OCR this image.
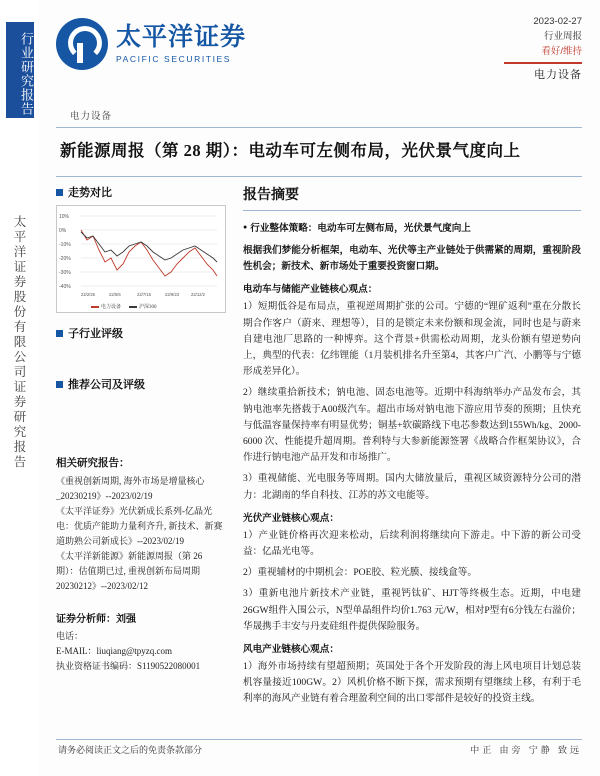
行业研究报告
太平洋证券股份有限公司证券研究报告
太平洋证券
PACIFIC SECURITIES
2023-02-27
行业周报
看好/维持
电力设备
电力设备
新能源周报（第 28 期）：电动车可左侧布局，光伏景气度向上
走势对比
10%
0%
-10%
-20%
-30%
-40%
22/2/25	22/5/6	22/7/15	22/9/23	22/12/2
电力设备	沪深300
子行业评级
推荐公司及评级
相关研究报告：
《重视创新周期, 海外市场是增量核心_20230219》--2023/02/19
《太平洋证券》光伏新成长系列-亿晶光电：优质产能助力量利齐升, 新技术、新赛道助熟公司新成长》--2023/02/19
《太平洋新能源》新能源周报（第 26 期）：估值期已过, 重视创新布局周期 20230212》--2023/02/12
证券分析师：刘强
电话：
E-MAIL：liuqiang@tpyzq.com
执业资格证书编码：S1190522080001
报告摘要
● 行业整体策略：电动车可左侧布局，光伏景气度向上

根据我们梦能分析框架，电动车、光伏等主产业链处于供需紧的周期，重视阶段性机会；新技术、新市场处于重要投资窗口期。

电动车与储能产业链核心观点：

1）短期低谷是布局点，重视逆周期扩张的公司。宁德的“锂矿返利”重在分散长期合作客户（蔚来、理想等），目的是锁定未来份额和现金流，同时也是与蔚来自建电池厂思路的一种博弈。这个背景+供需松动周期，龙头份额有望逆势向上，典型的代表：亿纬锂能（1月装机排名升至第4，其客户广汽、小鹏等与宁德形成差异化）。

2）继续重拾新技术；钠电池、固态电池等。近期中科海纳举办产品发布会，其钠电池率先搭载于A00级汽车。超出市场对钠电池下游应用节奏的预期；且快充与低温容量保持率有明显优势；铜基+软碳路线下电芯参数达到155Wh/kg、2000-6000 次、性能提升超周期。普利特与大参新能源签署《战略合作框架协议》，合作进行钠电池产品开发和市场推广。

3）重视储能、光电服务等周期。国内大储放量后，重视区域资源特分公司的潜力：北湖南的华自科技、江苏的苏文电能等。

光伏产业链核心观点：

1）产业链价格再次迎来松动，后续利润将继续向下游走。中下游的新公司受益：亿晶光电等。

2）重视辅材的中期机会：POE胶、粒光膜、接线盒等。

3）重新电池片新技术产业链，重视钙钛矿、HJT等终极生态。近期，中电建26GW组件入围公示，N型单晶组件均价1.763 元/W，相对P型有6分钱左右溢价；华晟携手丰安与丹麦硅组件提供保险服务。

风电产业链核心观点：

1）海外市场持续有望超预期；英国处于各个开发阶段的海上风电项目计划总装机容量接近100GW。2）风机价格不断下探，需求预期有望继续上移，有利于毛利率的海风产业链有着合理盈利空间的出口零部件是较好的投资主线。

请务必阅读正文之后的免责条款部分	中正 由旁 宁静 致远
